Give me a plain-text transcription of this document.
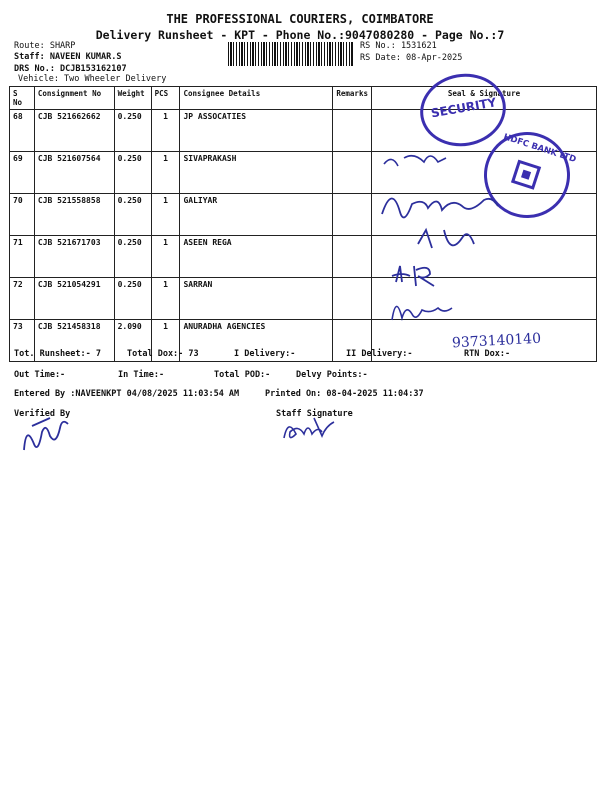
THE PROFESSIONAL COURIERS, COIMBATORE
Delivery Runsheet - KPT - Phone No.:9047080280 - Page No.:7
Route: SHARP
Staff: NAVEEN KUMAR.S
DRS No.: DCJB153162107
Vehicle: Two Wheeler Delivery
RS No.: 1531621
RS Date: 08-Apr-2025
S No	Consignment No	Weight	PCS	Consignee Details	Remarks	Seal & Signature
68	CJB 521662662	0.250	1	JP ASSOCATIES		
69	CJB 521607564	0.250	1	SIVAPRAKASH		
70	CJB 521558858	0.250	1	GALIYAR		
71	CJB 521671703	0.250	1	ASEEN REGA		
72	CJB 521054291	0.250	1	SARRAN		
73	CJB 521458318	2.090	1	ANURADHA AGENCIES		
SECURITY
HDFC BANK LTD
9373140140
Tot. Runsheet:- 7	Total Dox:- 73	I Delivery:-	II Delivery:-	RTN Dox:-
Out Time:-	In Time:-	Total POD:-	Delvy Points:-
Entered By :NAVEENKPT 04/08/2025 11:03:54 AM	Printed On: 08-04-2025 11:04:37
Verified By	Staff Signature
